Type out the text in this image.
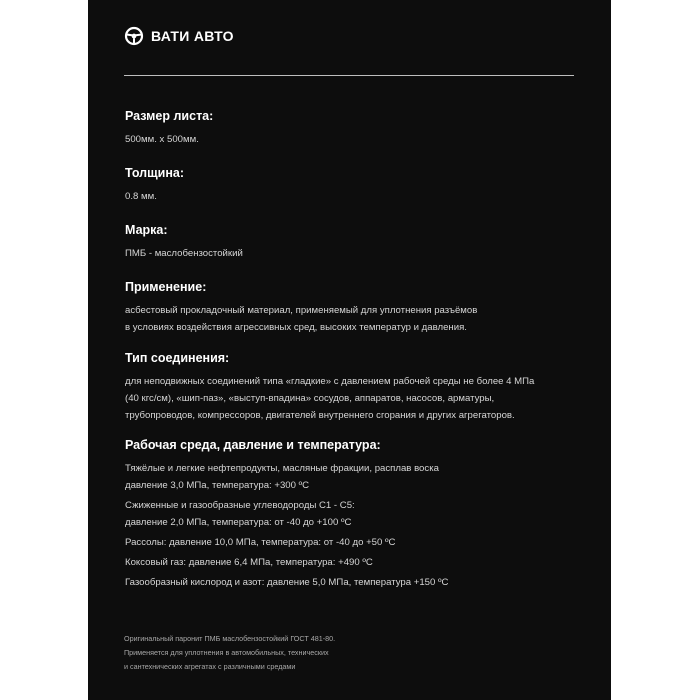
ВАТИ АВТО

Размер листа:

500мм. х 500мм.

Толщина:

0.8 мм.

Марка:

ПМБ - маслобензостойкий

Применение:

асбестовый прокладочный материал, применяемый для уплотнения разъёмов

в условиях воздействия агрессивных сред, высоких температур и давления.

Тип соединения:

для неподвижных соединений типа «гладкие» с давлением рабочей среды не более 4 МПа

(40 кгс/см), «шип-паз», «выступ-впадина» сосудов, аппаратов, насосов, арматуры,

трубопроводов, компрессоров, двигателей внутреннего сгорания и других агрегаторов.

Рабочая среда, давление и температура:

Тяжёлые и легкие нефтепродукты, масляные фракции, расплав воска

давление 3,0 МПа, температура: +300 ºС

Сжиженные и газообразные углеводороды С1 - С5:

давление 2,0 МПа, температура: от -40 до +100 ºС

Рассолы: давление 10,0 МПа, температура: от -40 до +50 ºС

Коксовый газ: давление 6,4 МПа, температура: +490 ºС

Газообразный кислород и азот: давление 5,0 МПа, температура +150 ºС

Оригинальный паронит ПМБ маслобензостойкий ГОСТ 481-80.

Применяется для уплотнения в автомобильных, технических

и сантехнических агрегатах с различными средами
